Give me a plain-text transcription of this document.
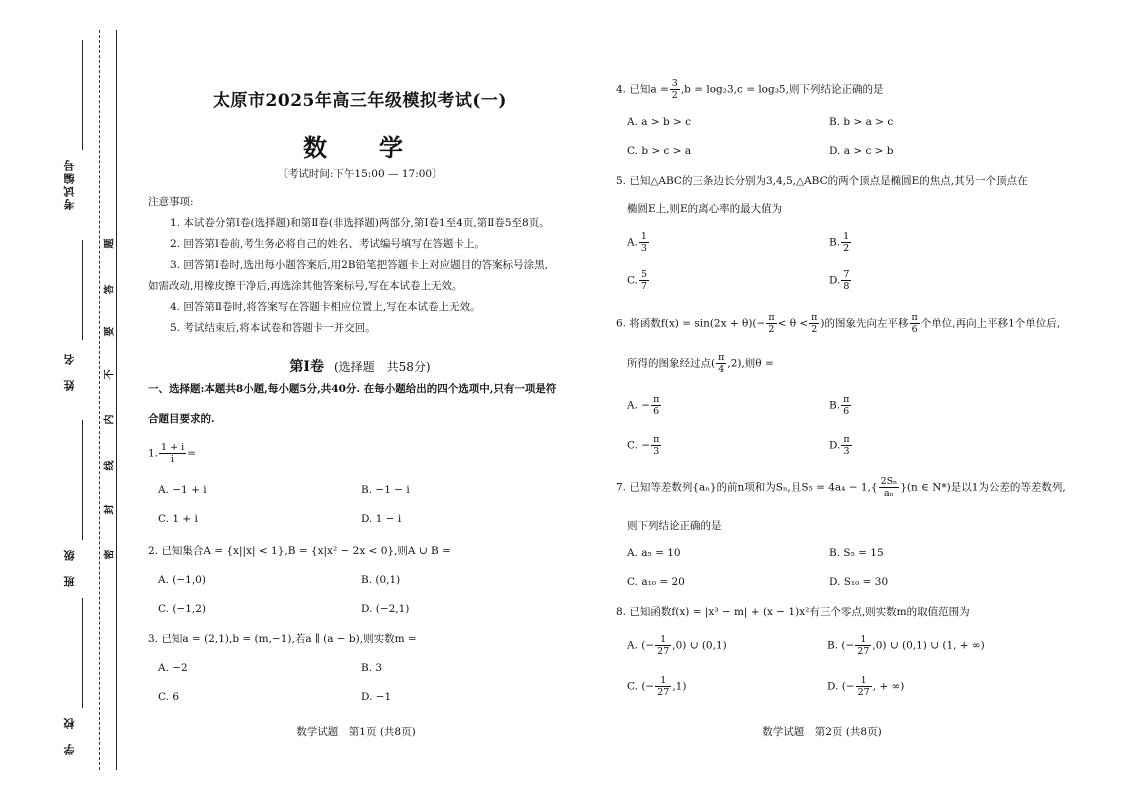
考试编号
姓　名
班　级
学　校
题
答
要
不
内
线
封
密
太原市2025年高三年级模拟考试(一)
数　学
〔考试时间:下午15:00 — 17:00〕
注意事项:
1. 本试卷分第Ⅰ卷(选择题)和第Ⅱ卷(非选择题)两部分,第Ⅰ卷1至4页,第Ⅱ卷5至8页。
2. 回答第Ⅰ卷前,考生务必将自己的姓名、考试编号填写在答题卡上。
3. 回答第Ⅰ卷时,选出每小题答案后,用2B铅笔把答题卡上对应题目的答案标号涂黑,
如需改动,用橡皮擦干净后,再选涂其他答案标号,写在本试卷上无效。
4. 回答第Ⅱ卷时,将答案写在答题卡相应位置上,写在本试卷上无效。
5. 考试结束后,将本试卷和答题卡一并交回。
第Ⅰ卷 (选择题　共58分)
一、选择题:本题共8小题,每小题5分,共40分. 在每小题给出的四个选项中,只有一项是符
合题目要求的.
1. $\frac{1 + i}{i}$ =
A. −1 + i	B. −1 − i
C. 1 + i	D. 1 − i
2. 已知集合A = {x||x| < 1},B = {x|x² − 2x < 0},则A ∪ B =
A. (−1,0)	B. (0,1)
C. (−1,2)	D. (−2,1)
3. 已知a = (2,1),b = (m,−1),若a ∥ (a − b),则实数m =
A. −2	B. 3
C. 6	D. −1
数学试题　第1页 (共8页)
4. 已知$a = \frac{3}{2} ,b = \log_23,c = \log_35$,则下列结论正确的是
A. a > b > c	B. b > a > c
C. b > c > a	D. a > c > b
5. 已知△ABC的三条边长分别为3,4,5,△ABC的两个顶点是椭圆E的焦点,其另一个顶点在
椭圆E上,则E的离心率的最大值为
A. $\frac{1}{3}$	B. $\frac{1}{2}$
C. $\frac{5}{7}$	D. $\frac{7}{8}$
6. 将函数$f(x) = \sin(2x + \theta)(- \frac{\pi}{2} < \theta < \frac{\pi}{2}$ )的图象先向左平移 $\frac{\pi}{6}$ 个单位,再向上平移1个单位后,
所得的图象经过点( $\frac{\pi}{4} ,2$),则θ =
A. − $\frac{\pi}{6}$	B. $\frac{\pi}{6}$
C. − $\frac{\pi}{3}$	D. $\frac{\pi}{3}$
7. 已知等差数列{aₙ}的前n项和为Sₙ,且$S_5 = 4a_4 - 1,\{ \frac{\text{2Sₙ}}{\text{aₙ}} \}(n$ ∈ N*)是以1为公差的等差数列,
则下列结论正确的是
A. a₅ = 10	B. S₅ = 15
C. a₁₀ = 20	D. S₁₀ = 30
8. 已知函数f(x) = |x³ − m| + (x − 1)x²有三个零点,则实数m的取值范围为
A. (− $\frac{1}{27} ,0$) ∪ (0,1)	B. (− $\frac{1}{27} ,0$) ∪ (0,1) ∪ (1, + ∞)
C. (− $\frac{1}{27} ,1$)	D. (− $\frac{1}{27}$ , + ∞)
数学试题　第2页 (共8页)
